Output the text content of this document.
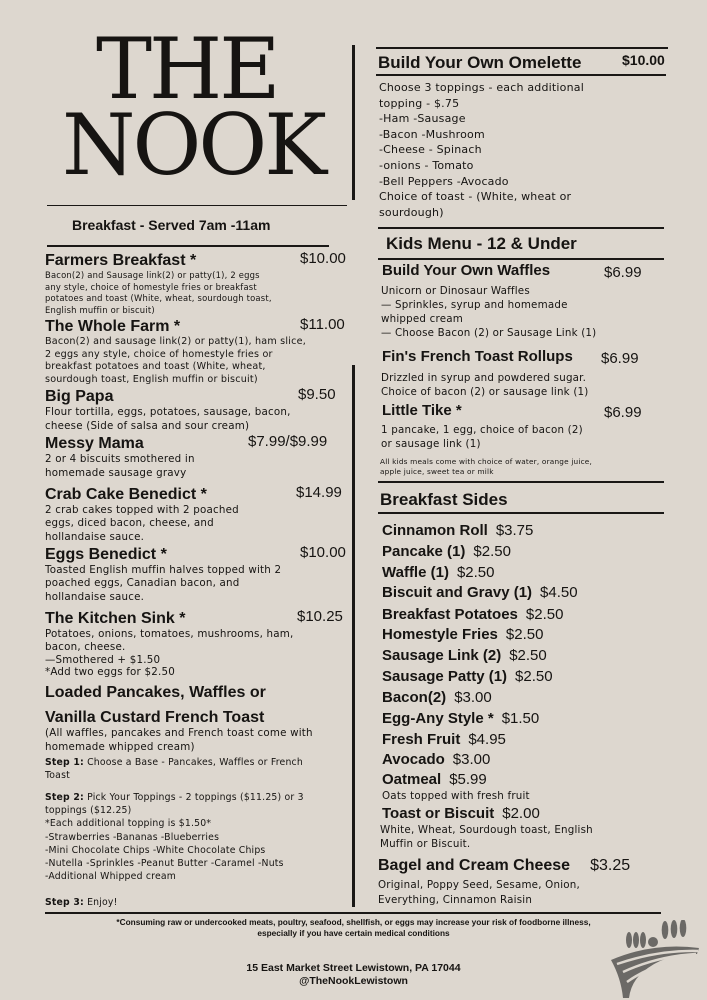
THE
NOOK
Breakfast - Served 7am -11am
Farmers Breakfast *	$10.00
Bacon(2) and Sausage link(2) or patty(1), 2 eggs
any style, choice of homestyle fries or breakfast
potatoes and toast (White, wheat, sourdough toast,
English muffin or biscuit)
The Whole Farm *	$11.00
Bacon(2) and sausage link(2) or patty(1), ham slice,
2 eggs any style, choice of homestyle fries or
breakfast potatoes and toast (White, wheat,
sourdough toast, English muffin or biscuit)
Big Papa	$9.50
Flour tortilla, eggs, potatoes, sausage, bacon,
cheese (Side of salsa and sour cream)
Messy Mama	$7.99/$9.99
2 or 4 biscuits smothered in
homemade sausage gravy
Crab Cake Benedict *	$14.99
2 crab cakes topped with 2 poached
eggs, diced bacon, cheese, and
hollandaise sauce.
Eggs Benedict *	$10.00
Toasted English muffin halves topped with 2
poached eggs, Canadian bacon, and
hollandaise sauce.
The Kitchen Sink *	$10.25
Potatoes, onions, tomatoes, mushrooms, ham,
bacon, cheese.
—Smothered + $1.50
*Add two eggs for $2.50
Loaded Pancakes, Waffles or
Vanilla Custard French Toast
(All waffles, pancakes and French toast come with
homemade whipped cream)
Step 1: Choose a Base - Pancakes, Waffles or French
Toast
Step 2: Pick Your Toppings - 2 toppings ($11.25) or 3
toppings ($12.25)
*Each additional topping is $1.50*
-Strawberries -Bananas -Blueberries
-Mini Chocolate Chips -White Chocolate Chips
-Nutella -Sprinkles -Peanut Butter -Caramel -Nuts
-Additional Whipped cream
Step 3: Enjoy!
Build Your Own Omelette	$10.00
Choose 3 toppings - each additional
topping - $.75
-Ham -Sausage
-Bacon -Mushroom
-Cheese - Spinach
-onions - Tomato
-Bell Peppers -Avocado
Choice of toast - (White, wheat or
sourdough)
Kids Menu - 12 & Under
Build Your Own Waffles	$6.99
Unicorn or Dinosaur Waffles
— Sprinkles, syrup and homemade
whipped cream
— Choose Bacon (2) or Sausage Link (1)
Fin's French Toast Rollups $6.99
Drizzled in syrup and powdered sugar.
Choice of bacon (2) or sausage link (1)
Little Tike *	$6.99
1 pancake, 1 egg, choice of bacon (2)
or sausage link (1)
All kids meals come with choice of water, orange juice,
apple juice, sweet tea or milk
Breakfast Sides
Cinnamon Roll $3.75
Pancake (1) $2.50
Waffle (1) $2.50
Biscuit and Gravy (1) $4.50
Breakfast Potatoes $2.50
Homestyle Fries $2.50
Sausage Link (2) $2.50
Sausage Patty (1) $2.50
Bacon(2) $3.00
Egg-Any Style * $1.50
Fresh Fruit $4.95
Avocado $3.00
Oatmeal $5.99
Oats topped with fresh fruit
Toast or Biscuit $2.00
White, Wheat, Sourdough toast, English
Muffin or Biscuit.
Bagel and Cream Cheese $3.25
Original, Poppy Seed, Sesame, Onion,
Everything, Cinnamon Raisin
*Consuming raw or undercooked meats, poultry, seafood, shellfish, or eggs may increase your risk of foodborne illness,
especially if you have certain medical conditions
15 East Market Street Lewistown, PA 17044
@TheNookLewistown
